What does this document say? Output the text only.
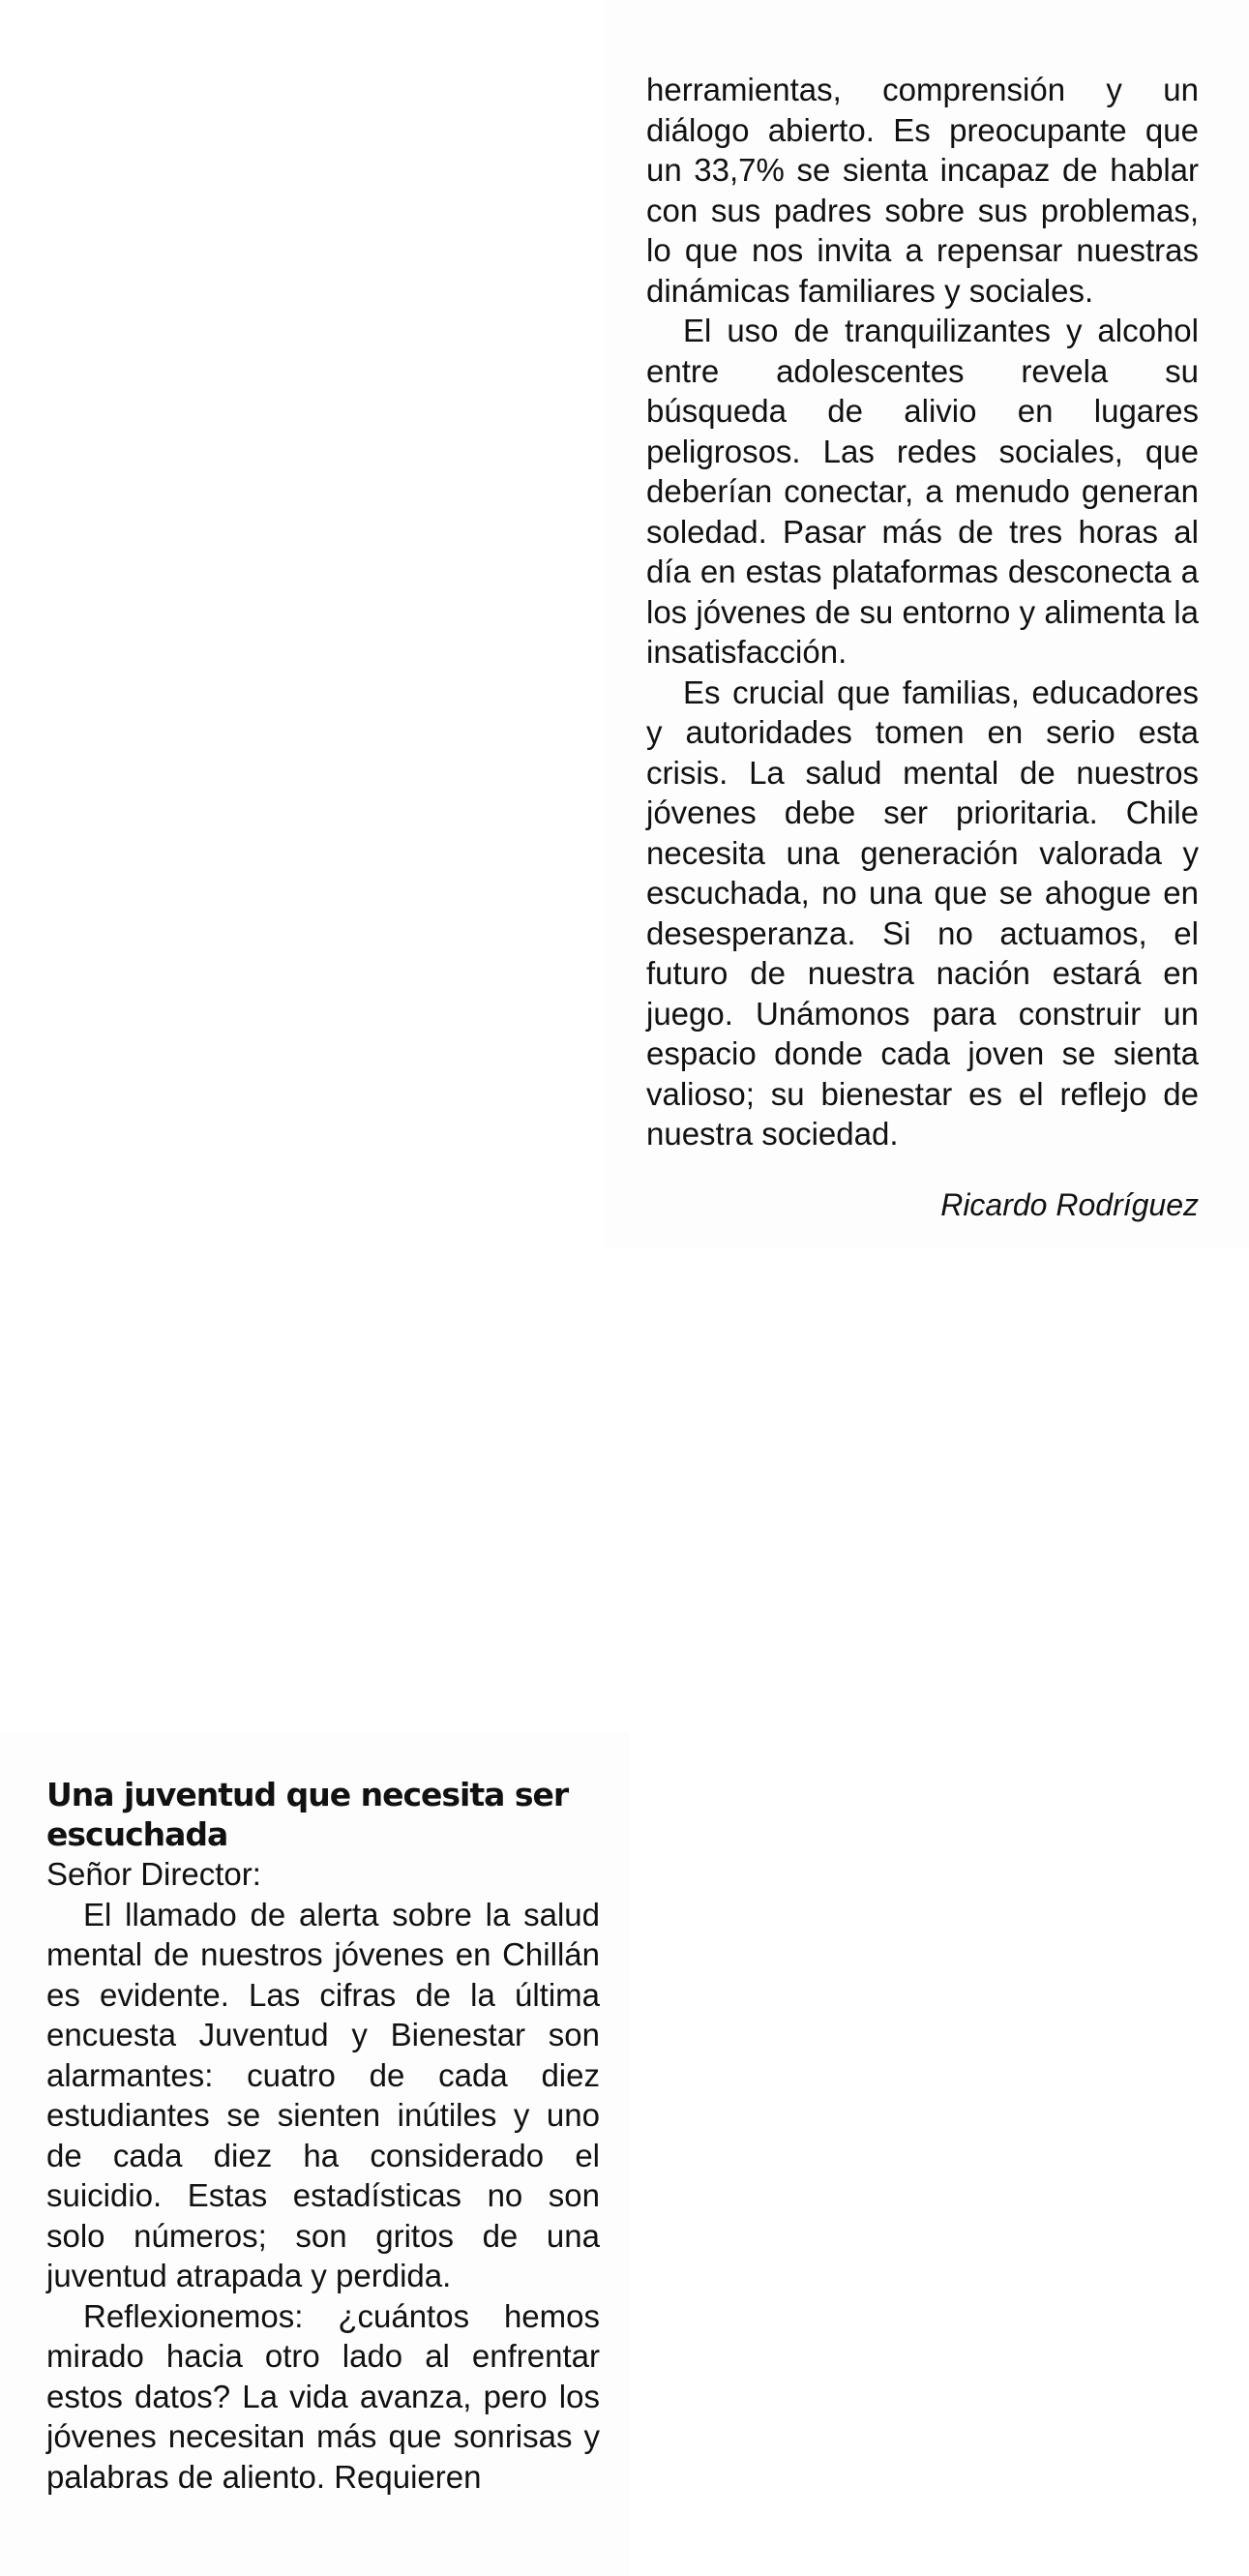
herramientas, comprensión y un diálogo abierto. Es preocupante que un 33,7% se sienta incapaz de hablar con sus padres sobre sus problemas, lo que nos invita a repensar nuestras dinámicas familiares y sociales.

El uso de tranquilizantes y alcohol entre adolescentes revela su búsqueda de alivio en lugares peligrosos. Las redes sociales, que deberían conectar, a menudo generan soledad. Pasar más de tres horas al día en estas plataformas desconecta a los jóvenes de su entorno y alimenta la insatisfacción.

Es crucial que familias, educadores y autoridades tomen en serio esta crisis. La salud mental de nuestros jóvenes debe ser prioritaria. Chile necesita una generación valorada y escuchada, no una que se ahogue en desesperanza. Si no actuamos, el futuro de nuestra nación estará en juego. Unámonos para construir un espacio donde cada joven se sienta valioso; su bienestar es el reflejo de nuestra sociedad.

Ricardo Rodríguez
Una juventud que necesita ser escuchada
Señor Director:

El llamado de alerta sobre la salud mental de nuestros jóvenes en Chillán es evidente. Las cifras de la última encuesta Juventud y Bienestar son alarmantes: cuatro de cada diez estudiantes se sienten inútiles y uno de cada diez ha considerado el suicidio. Estas estadísticas no son solo números; son gritos de una juventud atrapada y perdida.

Reflexionemos: ¿cuántos hemos mirado hacia otro lado al enfrentar estos datos? La vida avanza, pero los jóvenes necesitan más que sonrisas y palabras de aliento. Requieren
